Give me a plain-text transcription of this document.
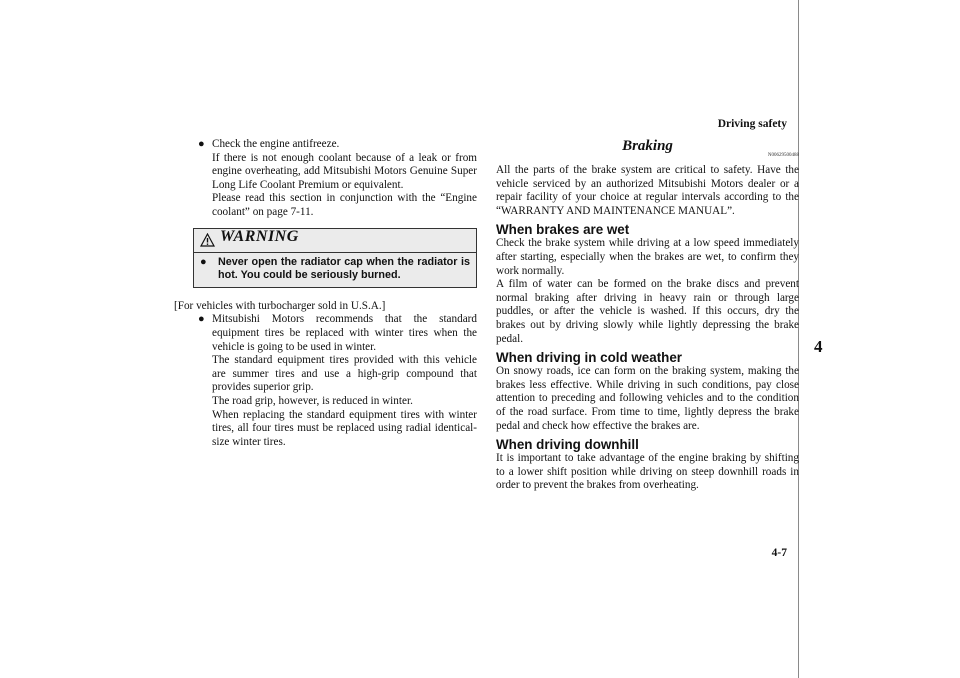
Driving safety
4
● Check the engine antifreeze.

If there is not enough coolant because of a leak or from engine overheating, add Mitsubishi Motors Genuine Super Long Life Coolant Premium or equivalent.

Please read this section in conjunction with the “Engine coolant” on page 7-11.

WARNING
● Never open the radiator cap when the radiator is hot. You could be seriously burned.

[For vehicles with turbocharger sold in U.S.A.]

● Mitsubishi Motors recommends that the standard equipment tires be replaced with winter tires when the vehicle is going to be used in winter.

The standard equipment tires provided with this vehicle are summer tires and use a high-grip compound that provides superior grip.

The road grip, however, is reduced in winter.

When replacing the standard equipment tires with winter tires, all four tires must be replaced using radial identical-size winter tires.

Braking
N00629500488

All the parts of the brake system are critical to safety. Have the vehicle serviced by an authorized Mitsubishi Motors dealer or a repair facility of your choice at regular intervals according to the “WARRANTY AND MAINTENANCE MANUAL”.

When brakes are wet

Check the brake system while driving at a low speed immediately after starting, especially when the brakes are wet, to confirm they work normally.

A film of water can be formed on the brake discs and prevent normal braking after driving in heavy rain or through large puddles, or after the vehicle is washed. If this occurs, dry the brakes out by driving slowly while lightly depressing the brake pedal.

When driving in cold weather

On snowy roads, ice can form on the braking system, making the brakes less effective. While driving in such conditions, pay close attention to preceding and following vehicles and to the condition of the road surface. From time to time, lightly depress the brake pedal and check how effective the brakes are.

When driving downhill

It is important to take advantage of the engine braking by shifting to a lower shift position while driving on steep downhill roads in order to prevent the brakes from overheating.

4-7
